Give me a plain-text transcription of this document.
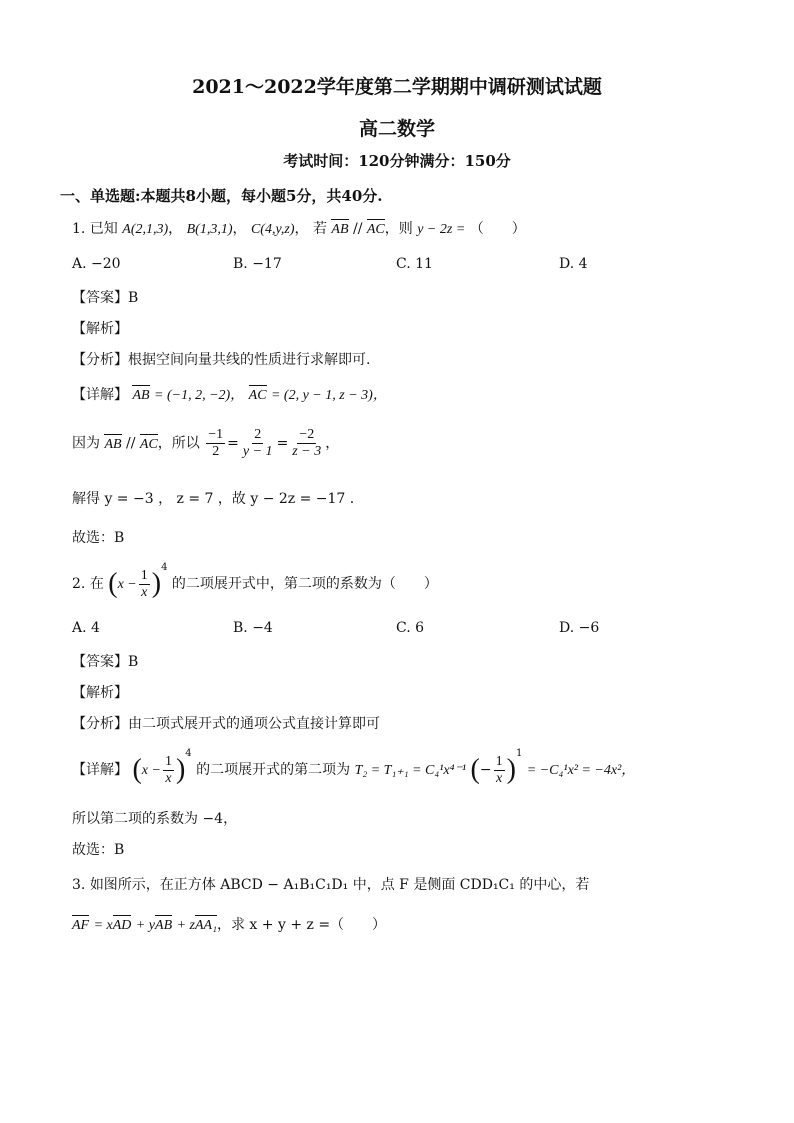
2021～2022学年度第二学期期中调研测试试题
高二数学
考试时间：120分钟满分：150分
一、单选题:本题共8小题，每小题5分，共40分.
1. 已知 A(2,1,3)， B(1,3,1)， C(4,y,z)， 若 AB // AC，则 y − 2z = （　　）
A. −20	B. −17	C. 11	D. 4
【答案】B
【解析】
【分析】根据空间向量共线的性质进行求解即可.
【详解】 AB = (−1, 2, −2)， AC = (2, y − 1, z − 3)，
因为 AB // AC，所以 $\frac{-1}{2} = \frac{2}{y - 1} = \frac{-2}{z - 3}$ ，
解得 y = −3 ， z = 7 ，故 y − 2z = −17 .
故选：B
2. 在 $(x - \frac{1}{x} )^4$ 的二项展开式中，第二项的系数为（　　）
A. 4	B. −4	C. 6	D. −6
【答案】B
【解析】
【分析】由二项式展开式的通项公式直接计算即可
【详解】 $(x - \frac{1}{x} )^4$ 的二项展开式的第二项为 T₂ = T₁₊₁ = C₄¹x⁴⁻¹ (− $\frac{1}{x} )^1 = -C_4^1x^2 = -4x^2$，
所以第二项的系数为 −4，
故选：B
3. 如图所示，在正方体 ABCD − A₁B₁C₁D₁ 中，点 F 是侧面 CDD₁C₁ 的中心，若
AF = xAD + yAB + zAA₁，求 x + y + z =（　　）
